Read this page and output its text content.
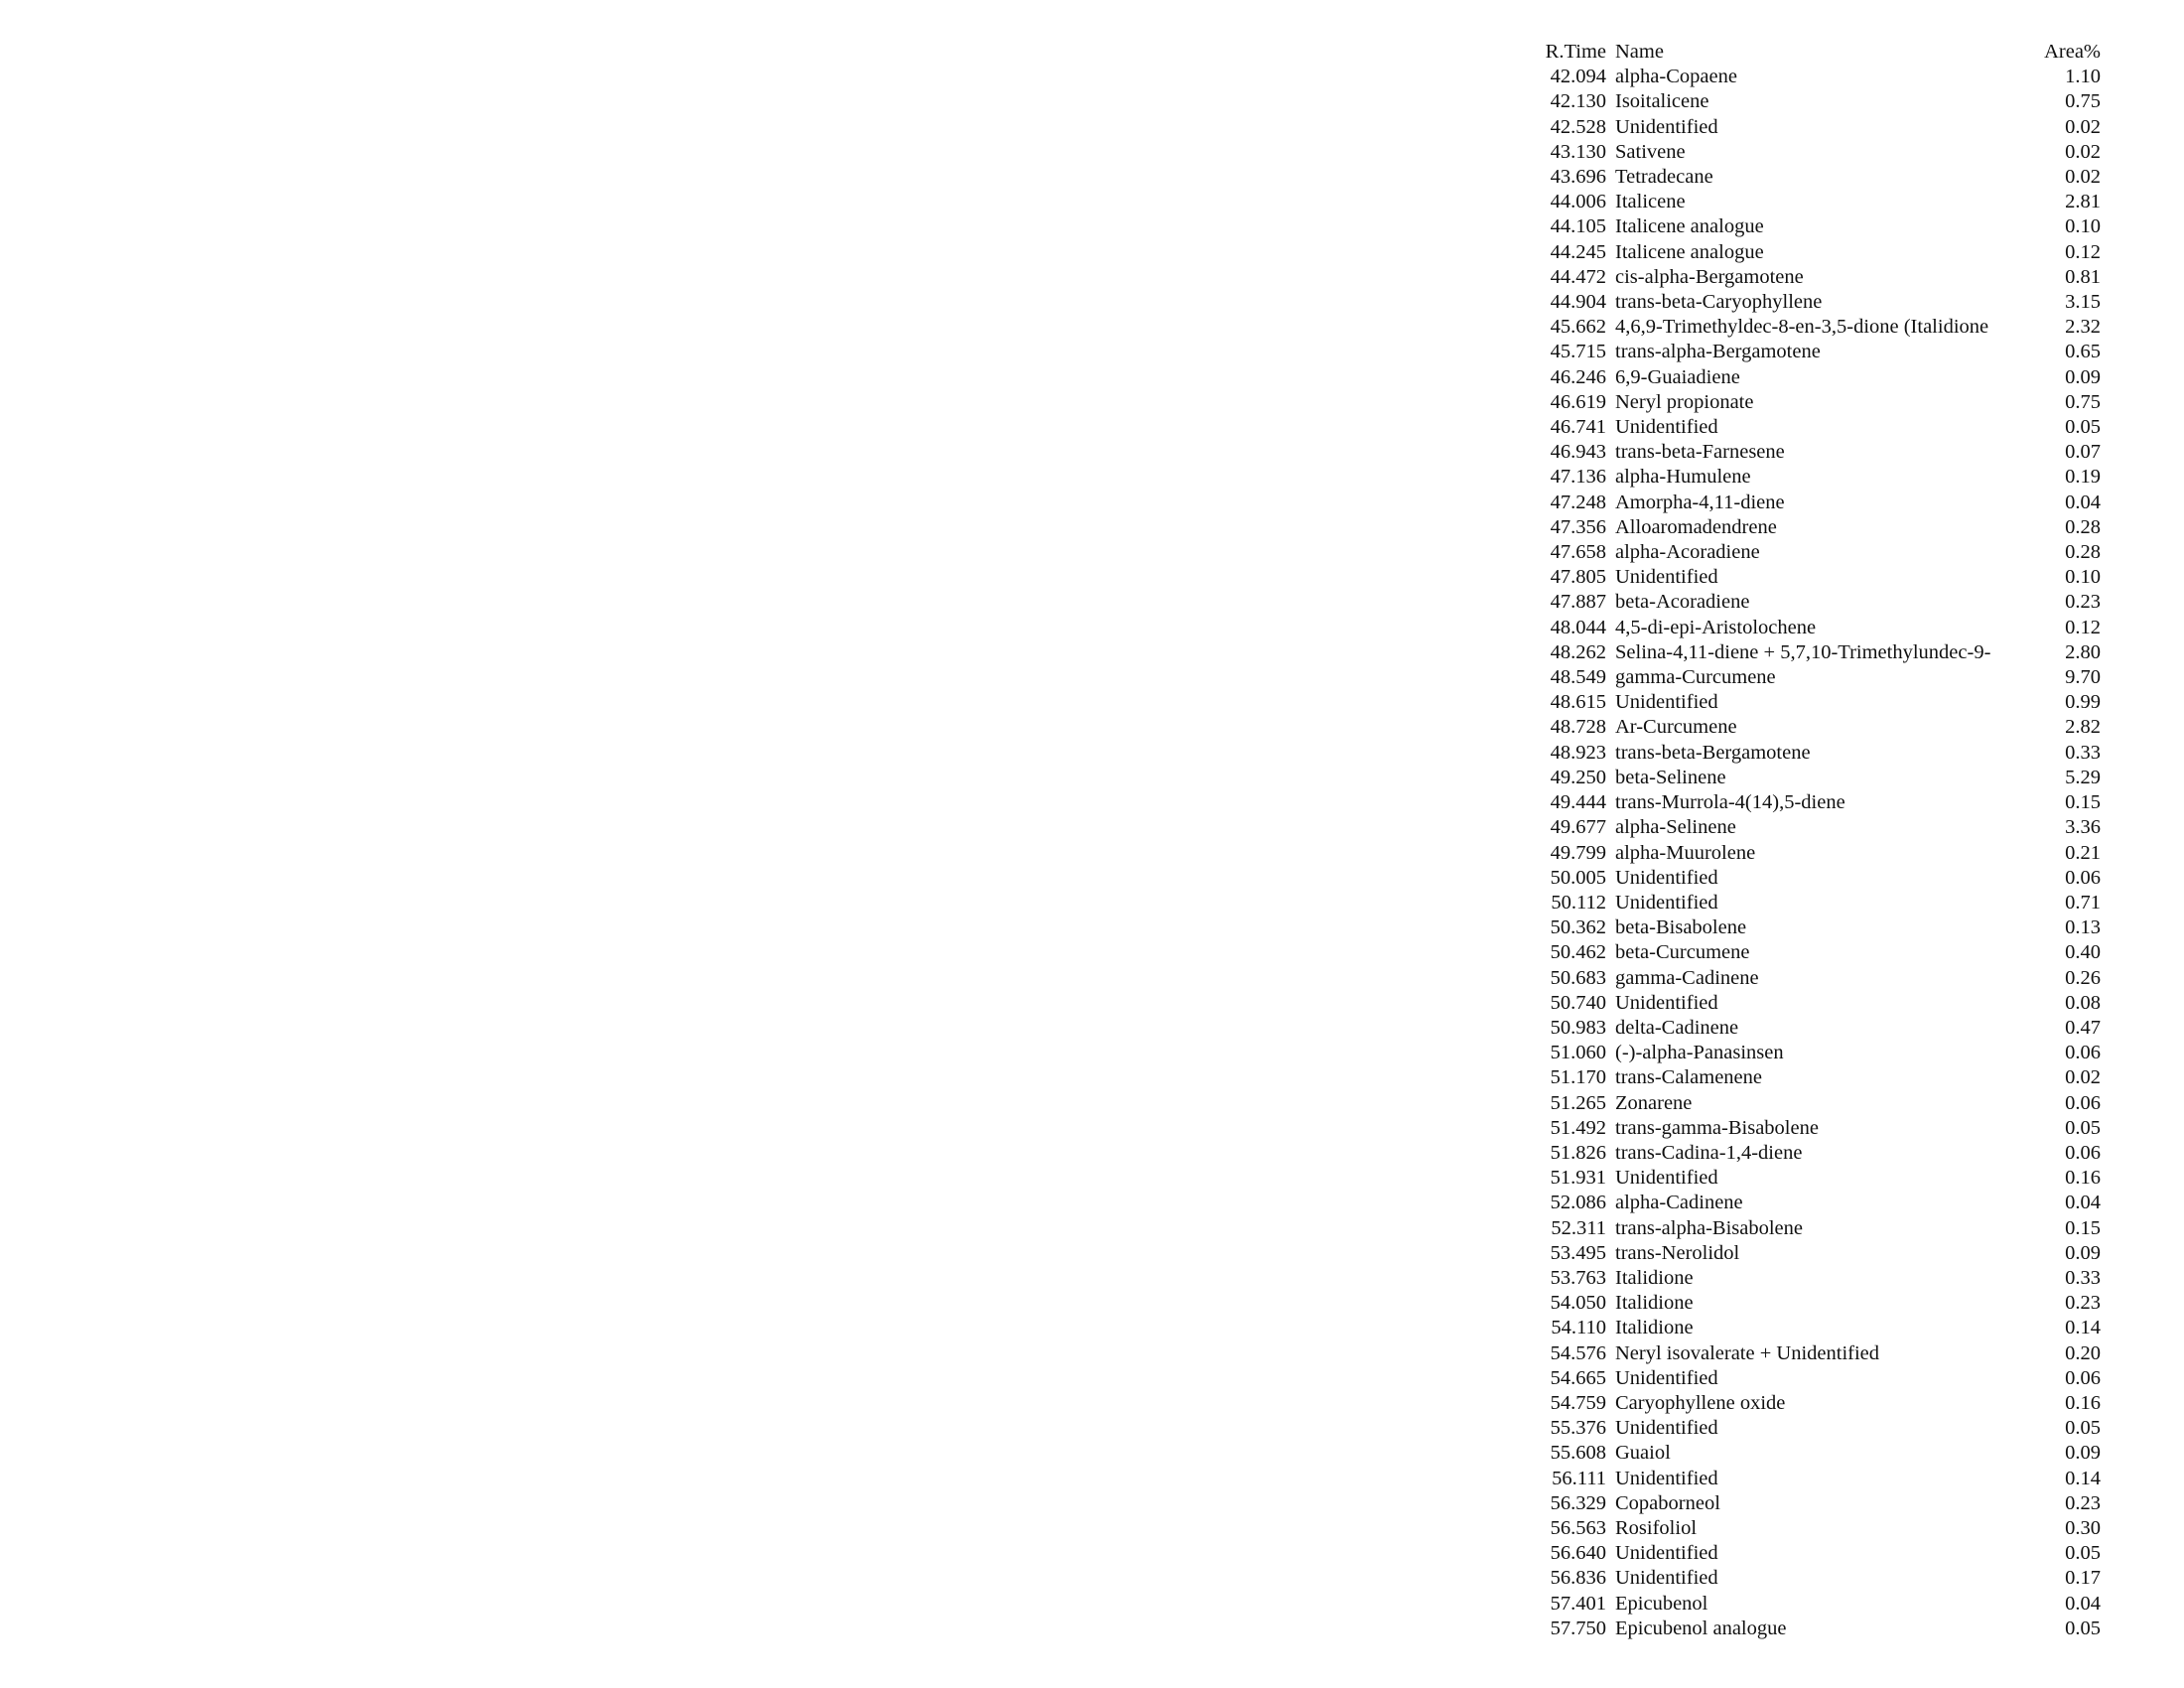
R.Time	Name	Area%
42.094	alpha-Copaene	1.10
42.130	Isoitalicene	0.75
42.528	Unidentified	0.02
43.130	Sativene	0.02
43.696	Tetradecane	0.02
44.006	Italicene	2.81
44.105	Italicene analogue	0.10
44.245	Italicene analogue	0.12
44.472	cis-alpha-Bergamotene	0.81
44.904	trans-beta-Caryophyllene	3.15
45.662	4,6,9-Trimethyldec-8-en-3,5-dione (Italidione	2.32
45.715	trans-alpha-Bergamotene	0.65
46.246	6,9-Guaiadiene	0.09
46.619	Neryl propionate	0.75
46.741	Unidentified	0.05
46.943	trans-beta-Farnesene	0.07
47.136	alpha-Humulene	0.19
47.248	Amorpha-4,11-diene	0.04
47.356	Alloaromadendrene	0.28
47.658	alpha-Acoradiene	0.28
47.805	Unidentified	0.10
47.887	beta-Acoradiene	0.23
48.044	4,5-di-epi-Aristolochene	0.12
48.262	Selina-4,11-diene + 5,7,10-Trimethylundec-9-	2.80
48.549	gamma-Curcumene	9.70
48.615	Unidentified	0.99
48.728	Ar-Curcumene	2.82
48.923	trans-beta-Bergamotene	0.33
49.250	beta-Selinene	5.29
49.444	trans-Murrola-4(14),5-diene	0.15
49.677	alpha-Selinene	3.36
49.799	alpha-Muurolene	0.21
50.005	Unidentified	0.06
50.112	Unidentified	0.71
50.362	beta-Bisabolene	0.13
50.462	beta-Curcumene	0.40
50.683	gamma-Cadinene	0.26
50.740	Unidentified	0.08
50.983	delta-Cadinene	0.47
51.060	(-)-alpha-Panasinsen	0.06
51.170	trans-Calamenene	0.02
51.265	Zonarene	0.06
51.492	trans-gamma-Bisabolene	0.05
51.826	trans-Cadina-1,4-diene	0.06
51.931	Unidentified	0.16
52.086	alpha-Cadinene	0.04
52.311	trans-alpha-Bisabolene	0.15
53.495	trans-Nerolidol	0.09
53.763	Italidione	0.33
54.050	Italidione	0.23
54.110	Italidione	0.14
54.576	Neryl isovalerate + Unidentified	0.20
54.665	Unidentified	0.06
54.759	Caryophyllene oxide	0.16
55.376	Unidentified	0.05
55.608	Guaiol	0.09
56.111	Unidentified	0.14
56.329	Copaborneol	0.23
56.563	Rosifoliol	0.30
56.640	Unidentified	0.05
56.836	Unidentified	0.17
57.401	Epicubenol	0.04
57.750	Epicubenol analogue	0.05
